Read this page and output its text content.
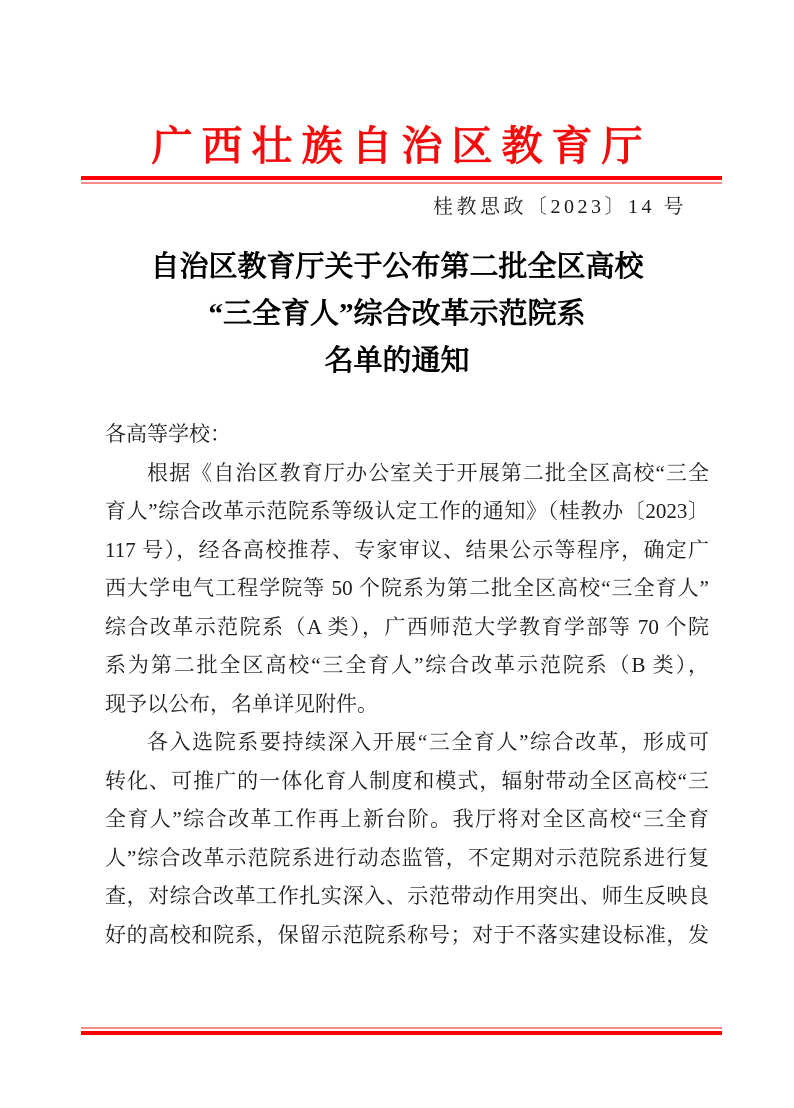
广西壮族自治区教育厅
桂教思政〔2023〕14 号
自治区教育厅关于公布第二批全区高校
“三全育人”综合改革示范院系
名单的通知
各高等学校：
根据《自治区教育厅办公室关于开展第二批全区高校“三全
育人”综合改革示范院系等级认定工作的通知》（桂教办〔2023〕
117 号），经各高校推荐、专家审议、结果公示等程序，确定广
西大学电气工程学院等 50 个院系为第二批全区高校“三全育人”
综合改革示范院系（A 类），广西师范大学教育学部等 70 个院
系为第二批全区高校“三全育人”综合改革示范院系（B 类），
现予以公布，名单详见附件。
各入选院系要持续深入开展“三全育人”综合改革，形成可
转化、可推广的一体化育人制度和模式，辐射带动全区高校“三
全育人”综合改革工作再上新台阶。我厅将对全区高校“三全育
人”综合改革示范院系进行动态监管，不定期对示范院系进行复
查，对综合改革工作扎实深入、示范带动作用突出、师生反映良
好的高校和院系，保留示范院系称号；对于不落实建设标准，发
